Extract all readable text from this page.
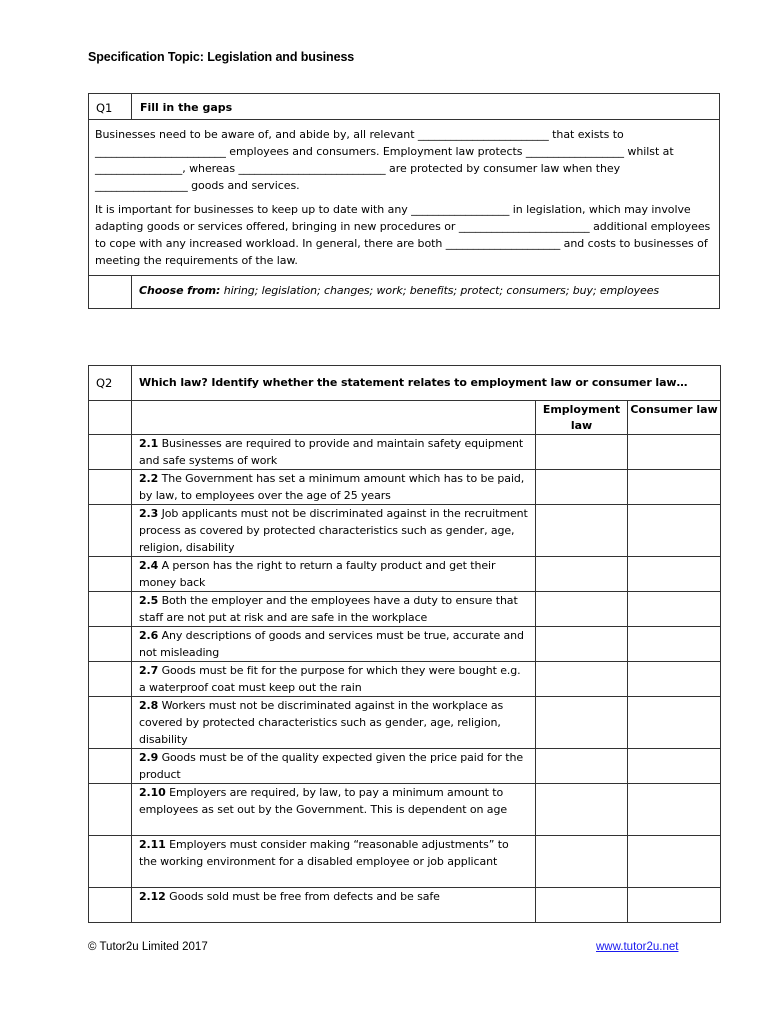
Specification Topic: Legislation and business
Q1	Fill in the gaps

Businesses need to be aware of, and abide by, all relevant ________________________ that exists to ________________________ employees and consumers. Employment law protects __________________ whilst at ________________, whereas ___________________________ are protected by consumer law when they _________________ goods and services.

It is important for businesses to keep up to date with any __________________ in legislation, which may involve adapting goods or services offered, bringing in new procedures or ________________________ additional employees to cope with any increased workload. In general, there are both _____________________ and costs to businesses of meeting the requirements of the law.	

	Choose from: hiring; legislation; changes; work; benefits; protect; consumers; buy; employees
Q2	Which law? Identify whether the statement relates to employment law or consumer law…		
		Employment law	Consumer law
	2.1 Businesses are required to provide and maintain safety equipment and safe systems of work		
	2.2 The Government has set a minimum amount which has to be paid, by law, to employees over the age of 25 years		
	2.3 Job applicants must not be discriminated against in the recruitment process as covered by protected characteristics such as gender, age, religion, disability		
	2.4 A person has the right to return a faulty product and get their money back		
	2.5 Both the employer and the employees have a duty to ensure that staff are not put at risk and are safe in the workplace		
	2.6 Any descriptions of goods and services must be true, accurate and not misleading		
	2.7 Goods must be fit for the purpose for which they were bought e.g. a waterproof coat must keep out the rain		
	2.8 Workers must not be discriminated against in the workplace as covered by protected characteristics such as gender, age, religion, disability		
	2.9 Goods must be of the quality expected given the price paid for the product		
	2.10 Employers are required, by law, to pay a minimum amount to employees as set out by the Government. This is dependent on age		
	2.11 Employers must consider making “reasonable adjustments” to the working environment for a disabled employee or job applicant		
	2.12 Goods sold must be free from defects and be safe		
© Tutor2u Limited 2017	www.tutor2u.net
